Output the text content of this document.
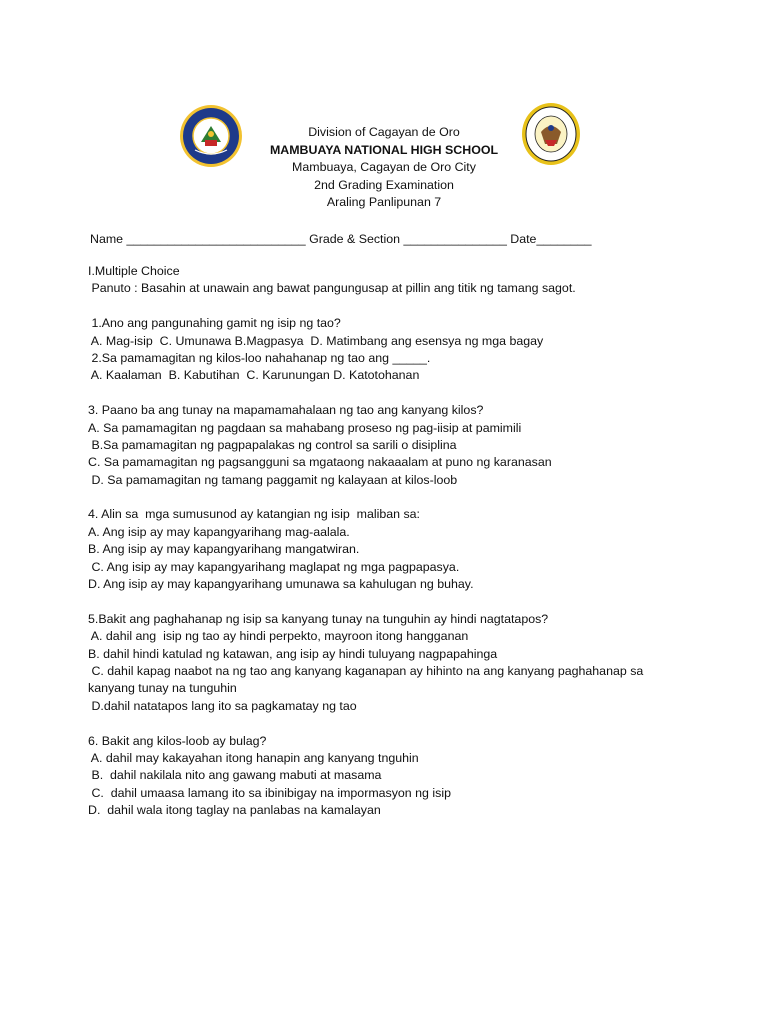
Division of Cagayan de Oro
MAMBUAYA NATIONAL HIGH SCHOOL
Mambuaya, Cagayan de Oro City
2nd Grading Examination
Araling Panlipunan 7
Name __________________________ Grade & Section _______________ Date________
I.Multiple Choice
Panuto : Basahin at unawain ang bawat pangungusap at pillin ang titik ng tamang sagot.
1.Ano ang pangunahing gamit ng isip ng tao?
A. Mag-isip  C. Umunawa B.Magpasya  D. Matimbang ang esensya ng mga bagay
2.Sa pamamagitan ng kilos-loo nahahanap ng tao ang _____.
A. Kaalaman  B. Kabutihan  C. Karunungan D. Katotohanan
3. Paano ba ang tunay na mapamamahalaan ng tao ang kanyang kilos?
A. Sa pamamagitan ng pagdaan sa mahabang proseso ng pag-iisip at pamimili
B.Sa pamamagitan ng pagpapalakas ng control sa sarili o disiplina
C. Sa pamamagitan ng pagsangguni sa mgataong nakaaalam at puno ng karanasan
D. Sa pamamagitan ng tamang paggamit ng kalayaan at kilos-loob
4. Alin sa  mga sumusunod ay katangian ng isip  maliban sa:
A. Ang isip ay may kapangyarihang mag-aalala.
B. Ang isip ay may kapangyarihang mangatwiran.
C. Ang isip ay may kapangyarihang maglapat ng mga pagpapasya.
D. Ang isip ay may kapangyarihang umunawa sa kahulugan ng buhay.
5.Bakit ang paghahanap ng isip sa kanyang tunay na tunguhin ay hindi nagtatapos?
A. dahil ang  isip ng tao ay hindi perpekto, mayroon itong hangganan
B. dahil hindi katulad ng katawan, ang isip ay hindi tuluyang nagpapahinga
C. dahil kapag naabot na ng tao ang kanyang kaganapan ay hihinto na ang kanyang paghahanap sa
kanyang tunay na tunguhin
D.dahil natatapos lang ito sa pagkamatay ng tao
6. Bakit ang kilos-loob ay bulag?
A. dahil may kakayahan itong hanapin ang kanyang tnguhin
B.  dahil nakilala nito ang gawang mabuti at masama
C.  dahil umaasa lamang ito sa ibinibigay na impormasyon ng isip
D.  dahil wala itong taglay na panlabas na kamalayan
